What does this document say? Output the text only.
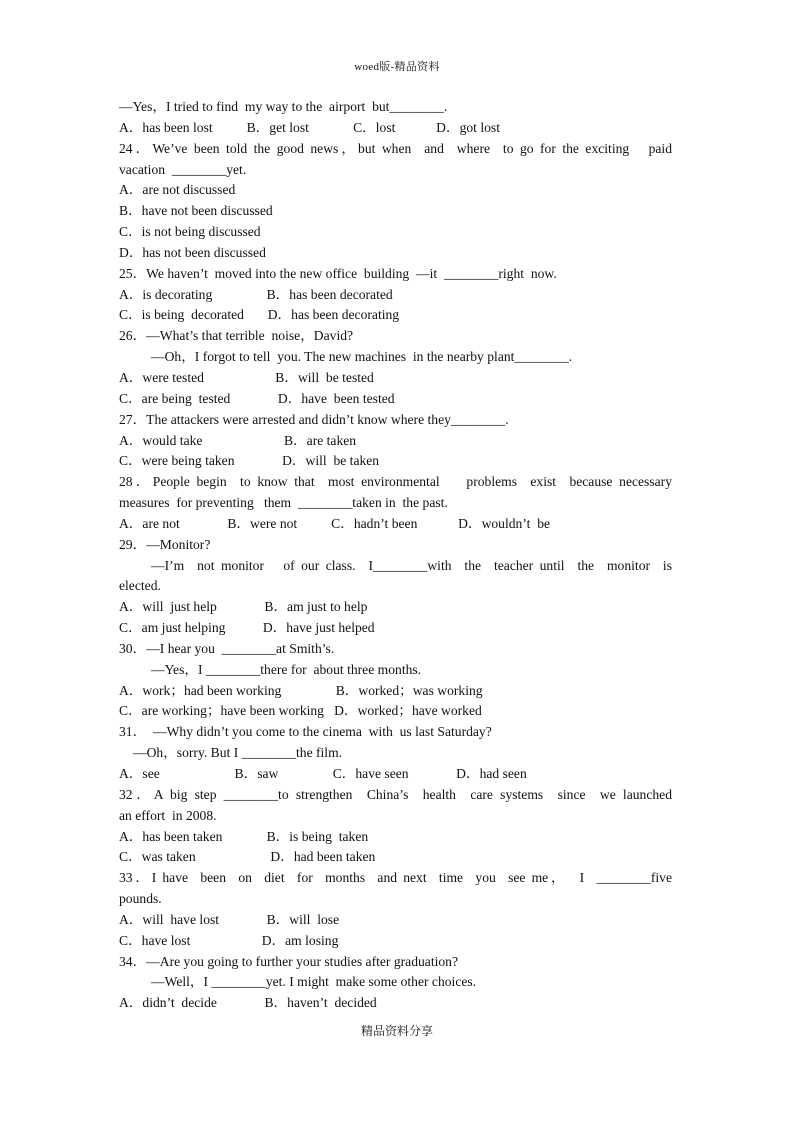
woed版-精品资料
—Yes，I tried to find  my way to the  airport  but________.
A．has been lost          B．get lost             C．lost            D．got lost
24．We’ve been told the good news，but when  and  where  to go for the exciting   paid
vacation  ________yet.
A．are not discussed
B．have not been discussed
C．is not being discussed
D．has not been discussed
25．We haven’t  moved into the new office  building  —it  ________right  now.
A．is decorating                B．has been decorated
C．is being  decorated       D．has been decorating
26．—What’s that terrible  noise，David?
—Oh，I forgot to tell  you. The new machines  in the nearby plant________.
A．were tested                     B．will  be tested
C．are being  tested              D．have  been tested
27．The attackers were arrested and didn’t know where they________.
A．would take                        B．are taken
C．were being taken              D．will  be taken
28．People begin  to know that  most environmental    problems  exist  because necessary
measures  for preventing   them  ________taken in  the past.
A．are not              B．were not          C．hadn’t been            D．wouldn’t  be
29．—Monitor?
—I’m  not monitor   of our class.  I________with  the  teacher until  the  monitor  is
elected.
A．will  just help              B．am just to help
C．am just helping           D．have just helped
30．—I hear you  ________at Smith’s.
—Yes，I ________there for  about three months.
A．work；had been working                B．worked；was working
C．are working；have been working   D．worked；have worked
31．  —Why didn’t you come to the cinema  with  us last Saturday?
—Oh，sorry. But I ________the film.
A．see                      B．saw                C．have seen              D．had seen
32．A big step ________to strengthen  China’s  health  care systems  since  we launched
an effort  in 2008.
A．has been taken             B．is being  taken
C．was taken                      D．had been taken
33．I have  been  on  diet  for  months  and next  time  you  see me，  I  ________five
pounds.
A．will  have lost              B．will  lose
C．have lost                     D．am losing
34．—Are you going to further your studies after graduation?
—Well，I ________yet. I might  make some other choices.
A．didn’t  decide              B．haven’t  decided
精品资料分享
